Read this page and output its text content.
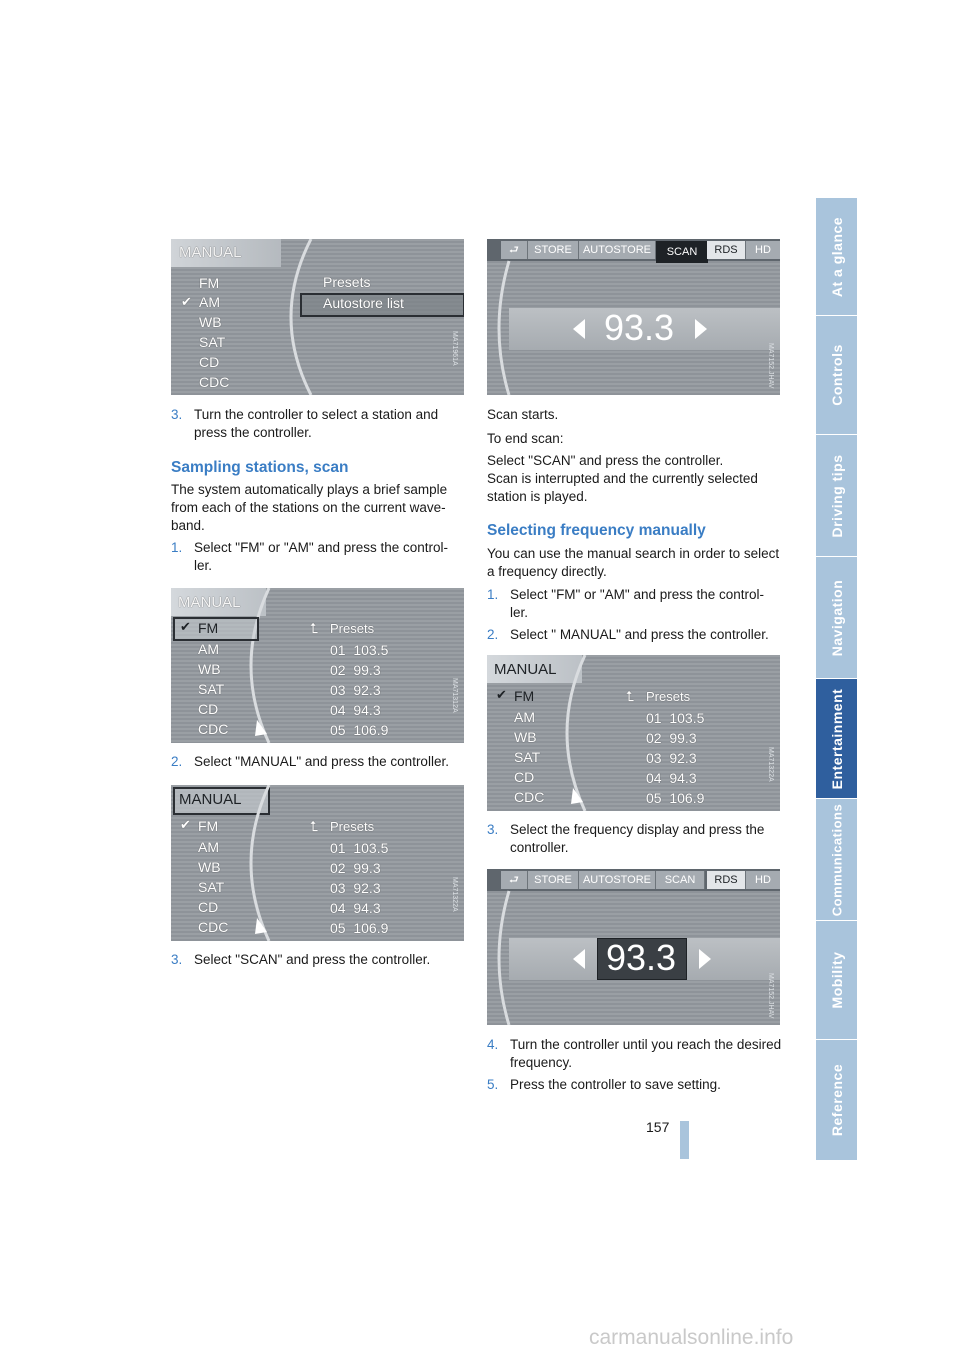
At a glance
Controls
Driving tips
Navigation
Entertainment
Communications
Mobility
Reference
MANUAL
FM
✔ AM
WB
SAT
CD
CDC
Presets
Autostore list
MA71961A
3. Turn the controller to select a station and press the controller.
Sampling stations, scan
The system automatically plays a brief sample from each of the stations on the current wave-band.
1. Select "FM" or "AM" and press the control-ler.
MANUAL
✔ FM
AM
WB
SAT
CD
CDC
⮤ Presets
01 103.5
02 99.3
03 92.3
04 94.3
05 106.9
MA71312A
2. Select "MANUAL" and press the controller.
MANUAL
✔ FM
AM
WB
SAT
CD
CDC
⮤ Presets
01 103.5
02 99.3
03 92.3
04 94.3
05 106.9
MA71322A
3. Select "SCAN" and press the controller.
⮐	STORE	AUTOSTORE	SCAN	RDS	HD
93.3
MA7152.JHAV
Scan starts.
To end scan:
Select "SCAN" and press the controller.
Scan is interrupted and the currently selected station is played.
Selecting frequency manually
You can use the manual search in order to select a frequency directly.
1. Select "FM" or "AM" and press the control-ler.
2. Select " MANUAL" and press the controller.
MANUAL
✔ FM
AM
WB
SAT
CD
CDC
⮤ Presets
01 103.5
02 99.3
03 92.3
04 94.3
05 106.9
MA71322A
3. Select the frequency display and press the controller.
⮐	STORE	AUTOSTORE	SCAN	RDS	HD
93.3
MA7152.JHAV
4. Turn the controller until you reach the desired frequency.
5. Press the controller to save setting.
157
carmanualsonline.info
